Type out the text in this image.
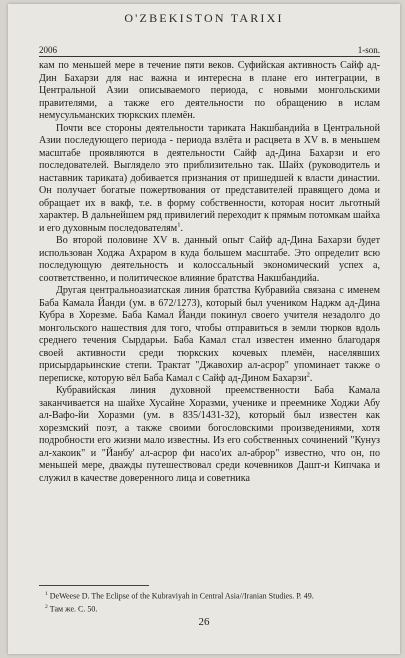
O'ZBEKISTON TARIXI
2006	1-son.

кам по меньшей мере в течение пяти веков. Суфийская активность Сайф ад-Дин Бахарзи для нас важна и интересна в плане его интеграции, в Центральной Азии описываемого периода, с новыми монгольскими правителями, а также его деятельности по обращению в ислам немусульманских тюркских племён.

Почти все стороны деятельности тариката Накшбандийа в Центральной Азии последующего периода - периода взлёта и расцвета в XV в. в меньшем масштабе проявляются в деятельности Сайф ад-Дина Бахарзи и его последователей. Выглядело это приблизительно так. Шайх (руководитель и наставник тариката) добивается признания от пришедшей к власти династии. Он получает богатые пожертвования от представителей правящего дома и обращает их в вакф, т.е. в форму собственности, которая носит льготный характер. В дальнейшем ряд привилегий переходит к прямым потомкам шайха и его духовным последователям$^1$.

Во второй половине XV в. данный опыт Сайф ад-Дина Бахарзи будет использован Ходжа Ахраром в куда большем масштабе. Это определит всю последующую деятельность и колоссальный экономический успех а, соответственно, и политическое влияние братства Накшбандийа.

Другая центральноазиатская линия братства Кубравийа связана с именем Баба Камала Йанди (ум. в 672/1273), который был учеником Наджм ад-Дина Кубра в Хорезме. Баба Камал Йанди покинул своего учителя незадолго до монгольского нашествия для того, чтобы отправиться в земли тюрков вдоль среднего течения Сырдарьи. Баба Камал стал известен именно благодаря своей активности среди тюркских кочевых племён, населявших присырдарьинские степи. Трактат "Джавохир ал-асрор" упоминает также о переписке, которую вёл Баба Камал с Сайф ад-Дином Бахарзи$^2$.

Кубравийская линия духовной преемственности Баба Камала заканчивается на шайхе Хусайне Хоразми, ученике и преемнике Ходжи Абу ал-Вафо-йи Хоразми (ум. в 835/1431-32), который был известен как хорезмский поэт, а также своими богословскими произведениями, хотя подробности его жизни мало известны. Из его собственных сочинений "Кунуз ал-хакоик" и "Йанбу' ал-асрор фи насо'их ал-аброр" известно, что он, по меньшей мере, дважды путешествовал среди кочевников Дашт-и Кипчака и служил в качестве доверенного лица и советника

$^1$ DeWeese D. The Eclipse of the Kubraviyah in Central Asia//Iranian Studies. P. 49.
$^2$ Там же. С. 50.
26
